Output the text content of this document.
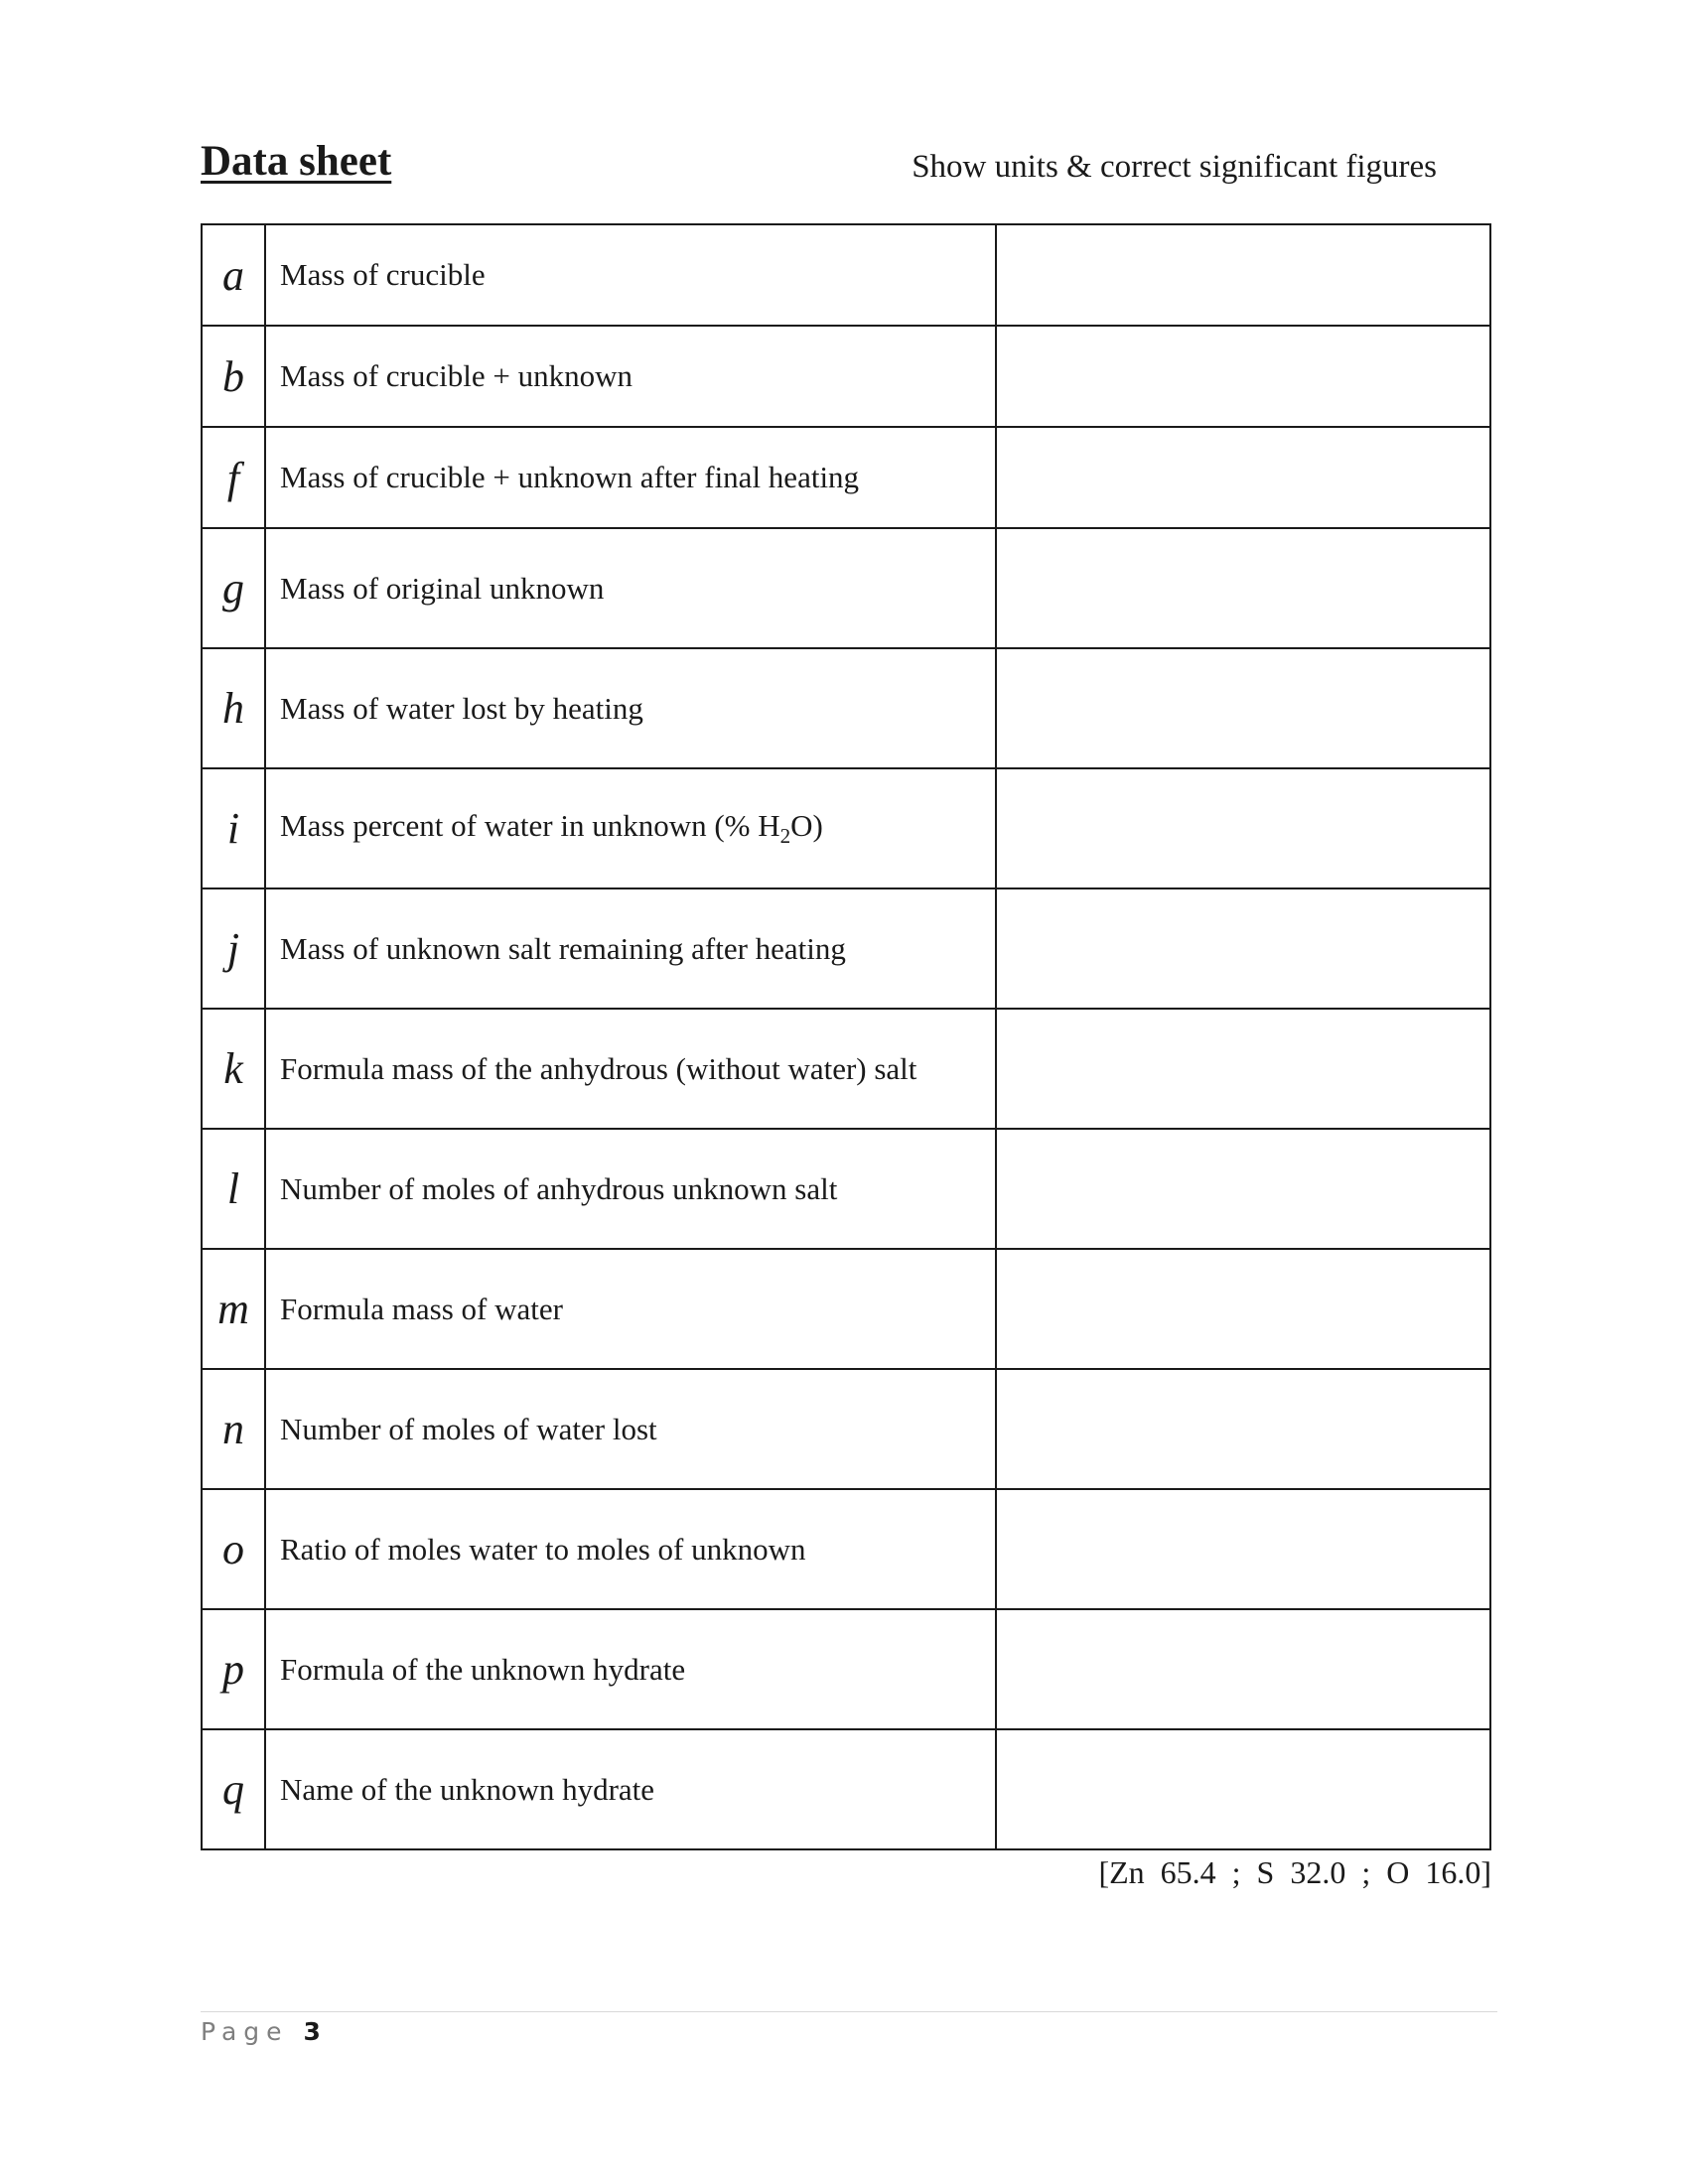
Data sheet	Show units & correct significant figures
a	Mass of crucible	
b	Mass of crucible + unknown	
f	Mass of crucible + unknown after final heating	
g	Mass of original unknown	
h	Mass of water lost by heating	
i	Mass percent of water in unknown (% $H_2O$)	
j	Mass of unknown salt remaining after heating	
k	Formula mass of the anhydrous (without water) salt	
l	Number of moles of anhydrous unknown salt	
m	Formula mass of water	
n	Number of moles of water lost	
o	Ratio of moles water to moles of unknown	
p	Formula of the unknown hydrate	
q	Name of the unknown hydrate	
[Zn  65.4  ;  S  32.0  ;  O  16.0]
Page 3
